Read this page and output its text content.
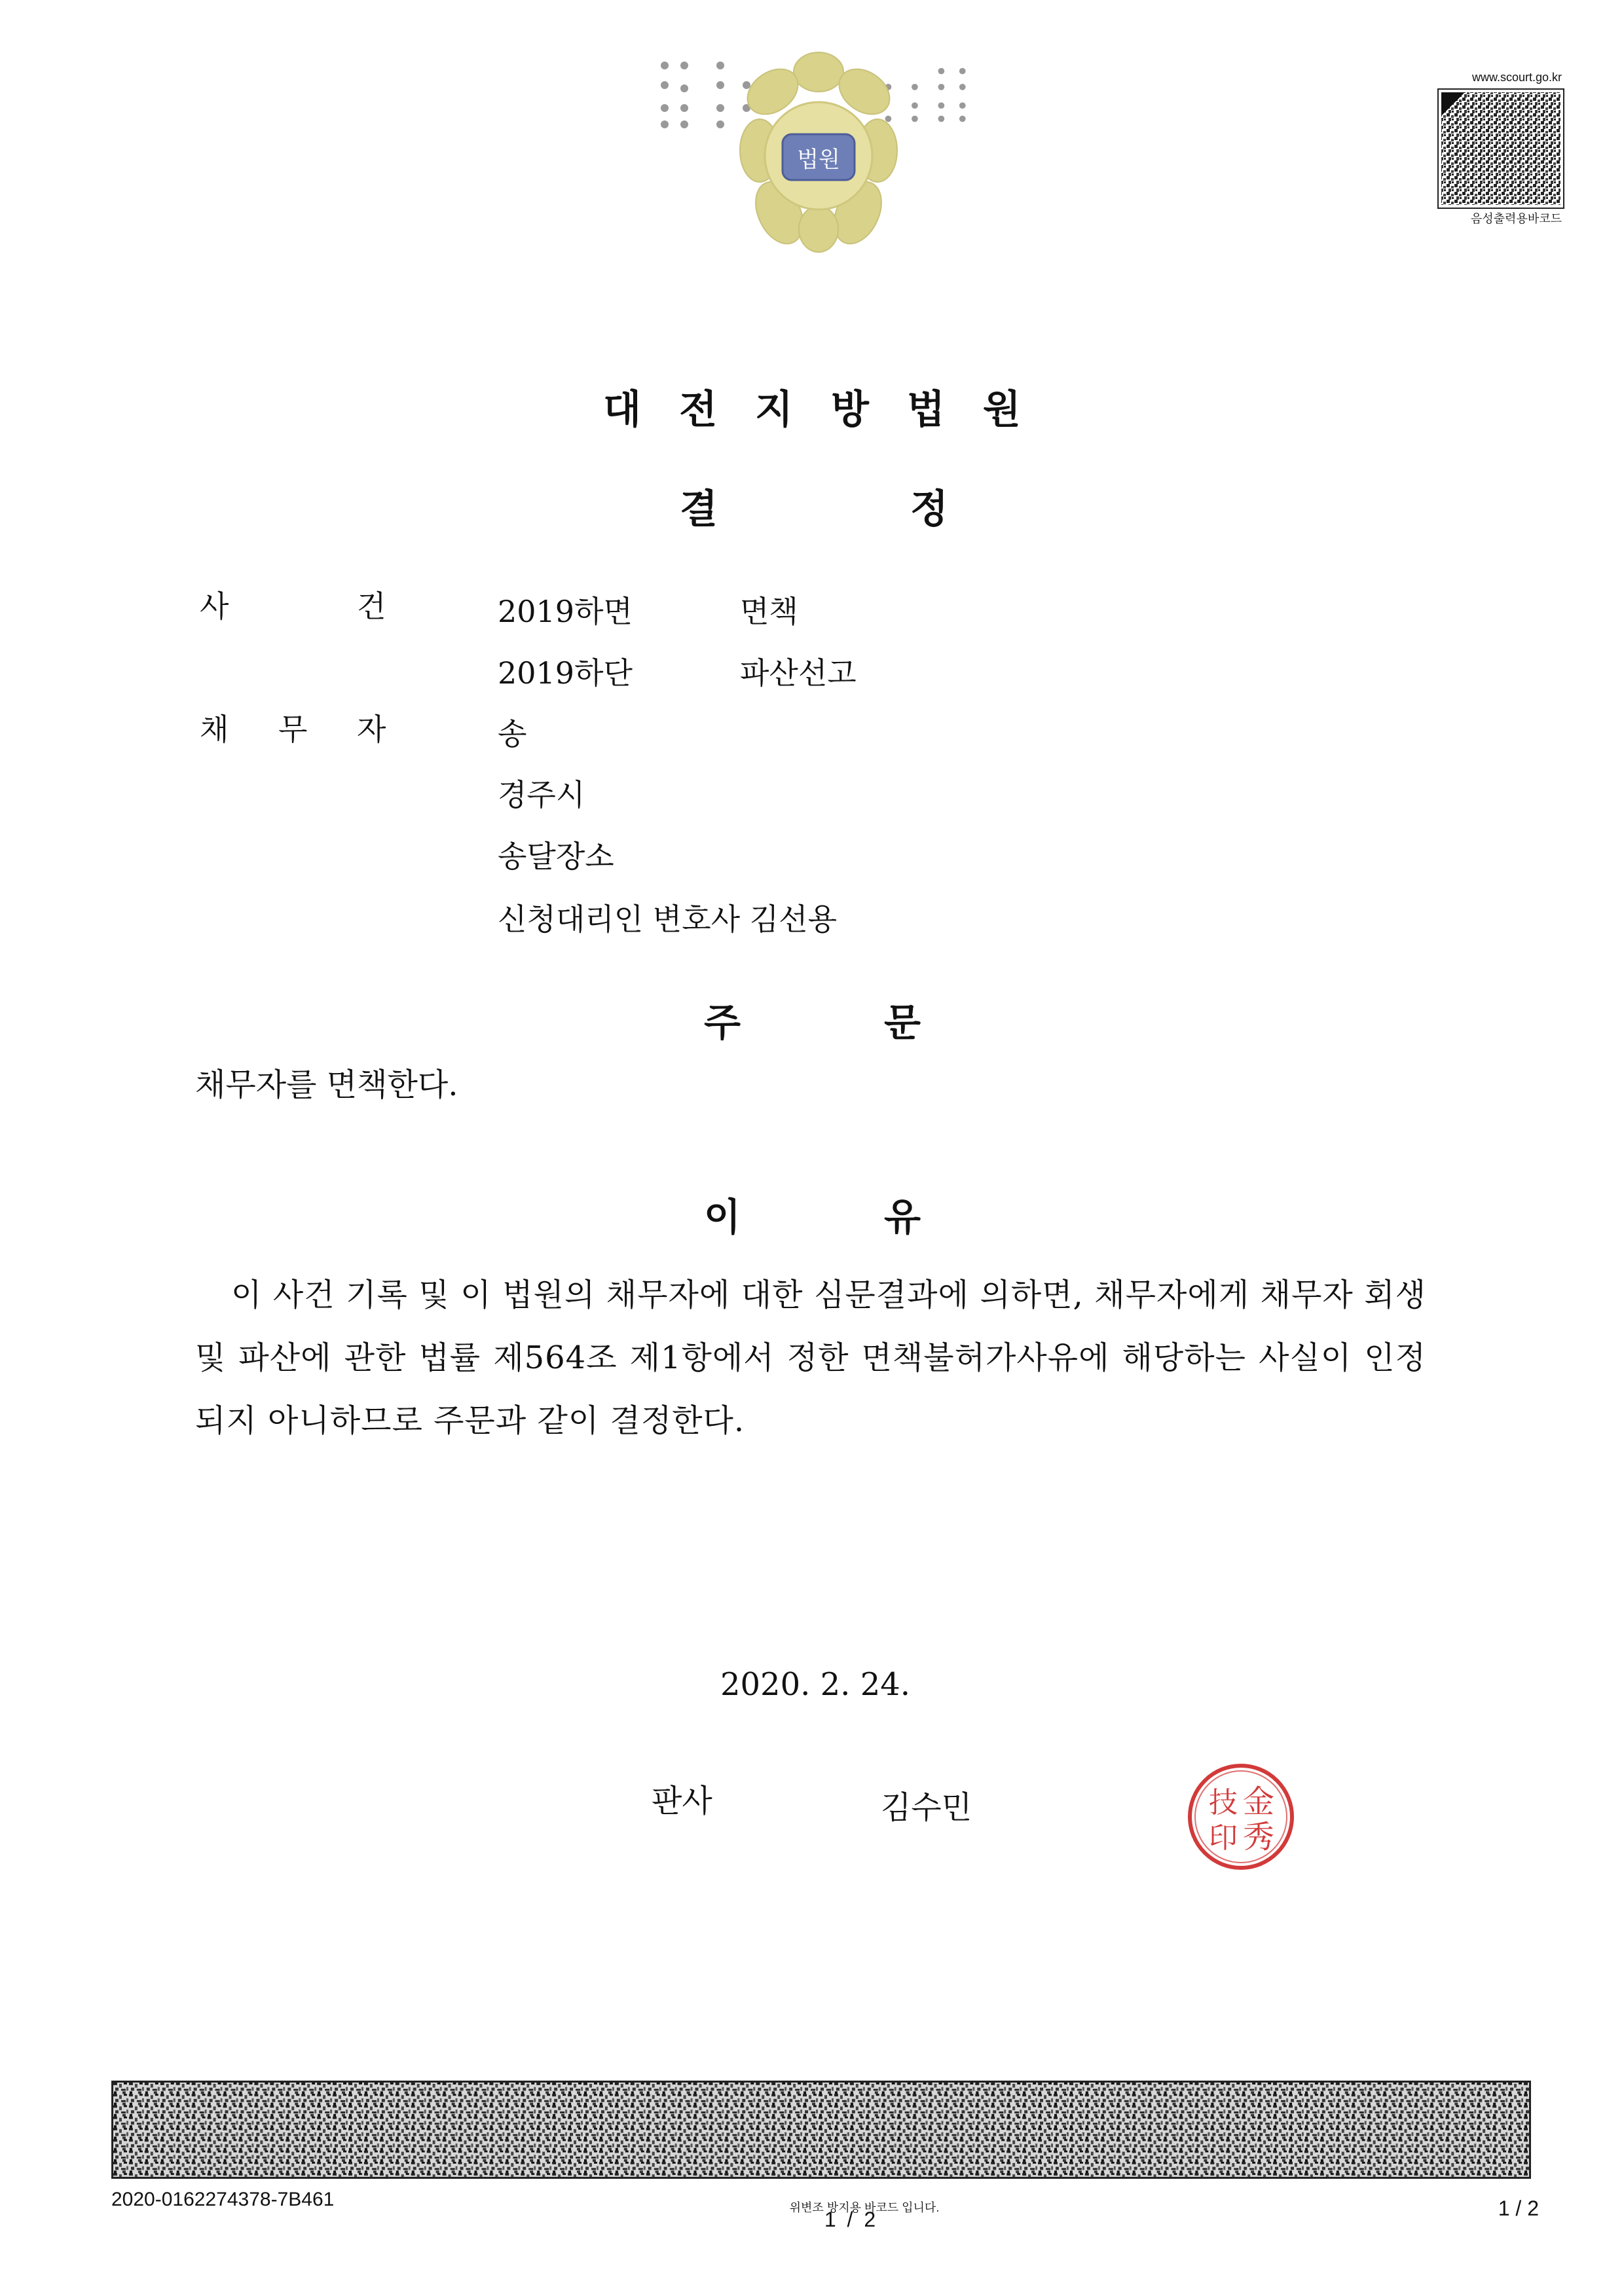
법원
www.scourt.go.kr
음성출력용바코드
대전지방법원
결	정
사	건	2019하면	면책
2019하단	파산선고
채 무 자	송
경주시
송달장소
신청대리인 변호사 김선용
주	문
채무자를 면책한다.
이	유
이 사건 기록 및 이 법원의 채무자에 대한 심문결과에 의하면, 채무자에게 채무자 회생 및 파산에 관한 법률 제564조 제1항에서 정한 면책불허가사유에 해당하는 사실이 인정되지 아니하므로 주문과 같이 결정한다.
2020. 2. 24.
판사	김수민	金
秀
技
印
2020-0162274378-7B461	위변조 방지용 바코드 입니다.
1 / 2	1 / 2
